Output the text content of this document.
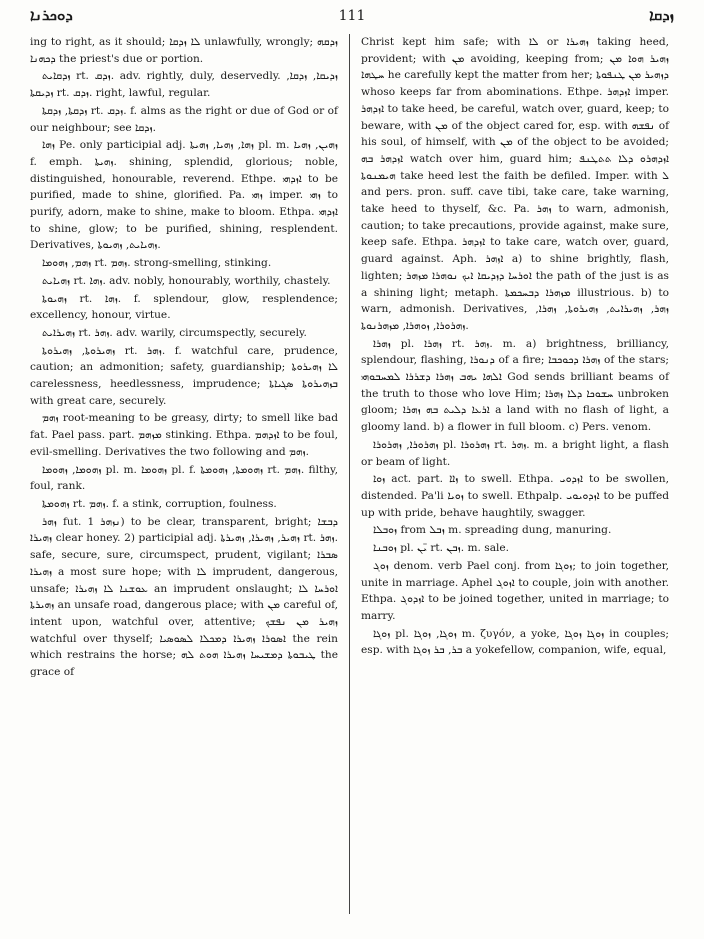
ܕܘܟܪܢܐ	111	ܙܕܩܐ

ing to right, as it should; ܠܐ ܙܕܩܐ unlawfully, wrongly; ܙܕܩܗ ܕܟܗܢܐ the priest's due or portion.

ܙܕܩܐܝܬ rt. ܙܕܩ. adv. rightly, duly, deservedly. ܙܕܝܩܐ, ܙܕܩܐ, ܙܕܝܩܬܐ rt. ܙܕܩ. right, lawful, regular.

ܙܕܩܬܐ, ܙܕܩܬܐ rt. ܙܕܩ. f. alms as the right or due of God or of our neighbour; see ܙܕܩܐ.

ܙܗܐ Pe. only participial adj. ܙܗܐ, ܙܗܝܐ, ܙܗܝܬܐ pl. m. ܙܗܝܢ, ܙܗܝܐ f. emph. ܙܗܝܬܐ. shining, splendid, glorious; noble, distinguished, honourable, reverend. Ethpe. ܐܙܕܗܝ to be purified, made to shine, glorified. Pa. ܙܗܝ imper. ܙܗܝ to purify, adorn, make to shine, make to bloom. Ethpa. ܐܙܕܗܝ to shine, glow; to be purified, shining, resplendent. Derivatives, ܙܗܝܐܝܬ, ܙܗܝܘܬܐ.

ܙܗܡ, ܙܗܘܡܐ rt. ܙܗܡ. strong-smelling, stinking.

ܙܗܝܐܝܬ rt. ܙܗܐ. adv. nobly, honourably, worthily, chastely.

ܙܗܝܘܬܐ rt. ܙܗܐ. f. splendour, glow, resplendence; excellency, honour, virtue.

ܙܗܝܪܐܝܬ rt. ܙܗܪ. adv. warily, circumspectly, securely.

ܙܗܝܪܘܬܐ, ܙܗܝܪܘܬܐ rt. ܙܗܪ. f. watchful care, prudence, caution; an admonition; safety, guardianship; ܠܐ ܙܗܝܪܘܬܐ carelessness, heedlessness, imprudence; ܒܙܗܝܪܘܬܐ ܣܓܝܐܬܐ with great care, securely.

ܙܗܡ root-meaning to be greasy, dirty; to smell like bad fat. Pael pass. part. ܡܙܗܡ stinking. Ethpa. ܐܙܕܗܡ to be foul, evil-smelling. Derivatives the two following and ܙܗܡ.

ܙܗܘܡܐ, ܙܗܘܡܐ pl. m. ܙܗܘܡܐ pl. f. ܙܗܘܡܬܐ, ܙܗܘܡܬܐ rt. ܙܗܡ. filthy, foul, rank.

ܙܗܘܡܬܐ rt. ܙܗܡ. f. a stink, corruption, foulness.

ܙܗܪ fut. ܢܙܗܪ 1) to be clear, transparent, bright; ܕܒܫܐ ܙܗܝܪܐ clear honey. 2) participial adj. ܙܗܝܪ, ܙܗܝܪܐ, ܙܗܝܪܬܐ rt. ܙܗܪ. safe, secure, sure, circumspect, prudent, vigilant; ܣܒܪܐ ܙܗܝܪܐ a most sure hope; with ܠܐ imprudent, dangerous, unsafe; ܥܘܫܢܐ ܠܐ ܙܗܝܪܐ an imprudent onslaught; ܐܘܪܚܐ ܠܐ ܙܗܝܪܬܐ an unsafe road, dangerous place; with ܡܢ careful of, intent upon, watchful over, attentive; ܙܗܝܪ ܡܢ ܢܦܫܟ watchful over thyself; ܐܣܘܪܐ ܙܗܝܪܐ ܕܡܟܠܐ ܠܣܘܣܝܐ the rein which restrains the horse; ܛܝܒܘܬܐ ܕܡܫܝܚܐ ܙܗܝܪܐ ܗܘܬ ܠܗ the grace of

Christ kept him safe; with ܠܐ or ܙܗܝܪܐ taking heed, provident; with ܡܢ avoiding, keeping from; ܙܗܝܪ ܗܘܐ ܡܢ ܚܛܗܐ he carefully kept the matter from her; ܕܙܗܝܪ ܡܢ ܛܢܦܘܬܐ whoso keeps far from abominations. Ethpe. ܐܙܕܗܪ imper. ܐܙܕܗܪ to take heed, be careful, watch over, guard, keep; to beware, with ܡܢ of the object cared for, esp. with ܢܦܫܗ of his soul, of himself, with ܡܢ of the object to be avoided; ܐܙܕܗܪ ܒܗ watch over him, guard him; ܐܙܕܗܪܘ ܕܠܐ ܬܬܛܢܦ ܗܝܡܢܘܬܐ take heed lest the faith be defiled. Imper. with ܠ and pers. pron. suff. cave tibi, take care, take warning, take heed to thyself, &c. Pa. ܙܗܪ to warn, admonish, caution; to take precautions, provide against, make sure, keep safe. Ethpa. ܐܙܕܗܪ to take care, watch over, guard, guard against. Aph. ܐܙܗܪ a) to shine brightly, flash, lighten; ܐܘܪܚܐ ܕܙܕܝܩܐ ܐܝܟ ܢܘܗܪܐ ܡܙܗܪ the path of the just is as a shining light; metaph. ܡܙܗܪܐ ܕܒܚܟܡܬܐ illustrious. b) to warn, admonish. Derivatives, ܙܗܪ, ܙܗܝܪܐܝܬ, ܙܗܝܪܘܬܐ, ܙܗܪܐ, ܙܗܪܘܪܐ, ܙܘܗܪܐ, ܡܙܗܪܢܘܬܐ.

ܙܗܪܐ pl. ܙܗܪܐ rt. ܙܗܪ. m. a) brightness, brilliancy, splendour, flashing, ܕܢܘܪܐ of a fire; ܙܗܪܐ ܕܟܘܟܒܐ of the stars; ܐܠܗܐ ܝܗܒ ܙܗܪܐ ܕܫܪܪܐ ܠܡܚܒܘܗܝ God sends brilliant beams of the truth to those who love Him; ܚܫܘܟܐ ܕܠܐ ܙܗܪܐ unbroken gloom; ܐܪܥܐ ܕܠܝܬ ܒܗ ܙܗܪܐ a land with no flash of light, a gloomy land. b) a flower in full bloom. c) Pers. venom.

ܙܗܪܘܪܐ, ܙܗܪܘܪܐ pl. ܙܗܪܘܪܐ rt. ܙܗܪ. m. a bright light, a flash or beam of light.

ܙܘܐ act. part. ܙܐܐ to swell. Ethpa. ܐܙܕܘܝ to be swollen, distended. Pa'li ܙܘܝܐ to swell. Ethpalp. ܐܙܕܘܝܘܝ to be puffed up with pride, behave haughtily, swagger.

ܙܘܒܠܐ from ܙܒܠ m. spreading dung, manuring.

ܙܘܒܢܐ pl. ܝ̈ܢ rt. ܙܒܢ. m. sale.

ܙܘܓ denom. verb Pael conj. from ܙܘܓܐ; to join together, unite in marriage. Aphel ܐܙܘܓ to couple, join with another. Ethpa. ܐܙܕܘܓ to be joined together, united in marriage; to marry.

ܙܘܓܐ pl. ܙܘܓܐ, ܙܘܓܐ m. ζυγόν, a yoke, ܙܘܓܐ ܙܘܓܐ in couples; esp. with ܒܪ, ܒܪ ܙܘܓܐ a yokefellow, companion, wife, equal,
